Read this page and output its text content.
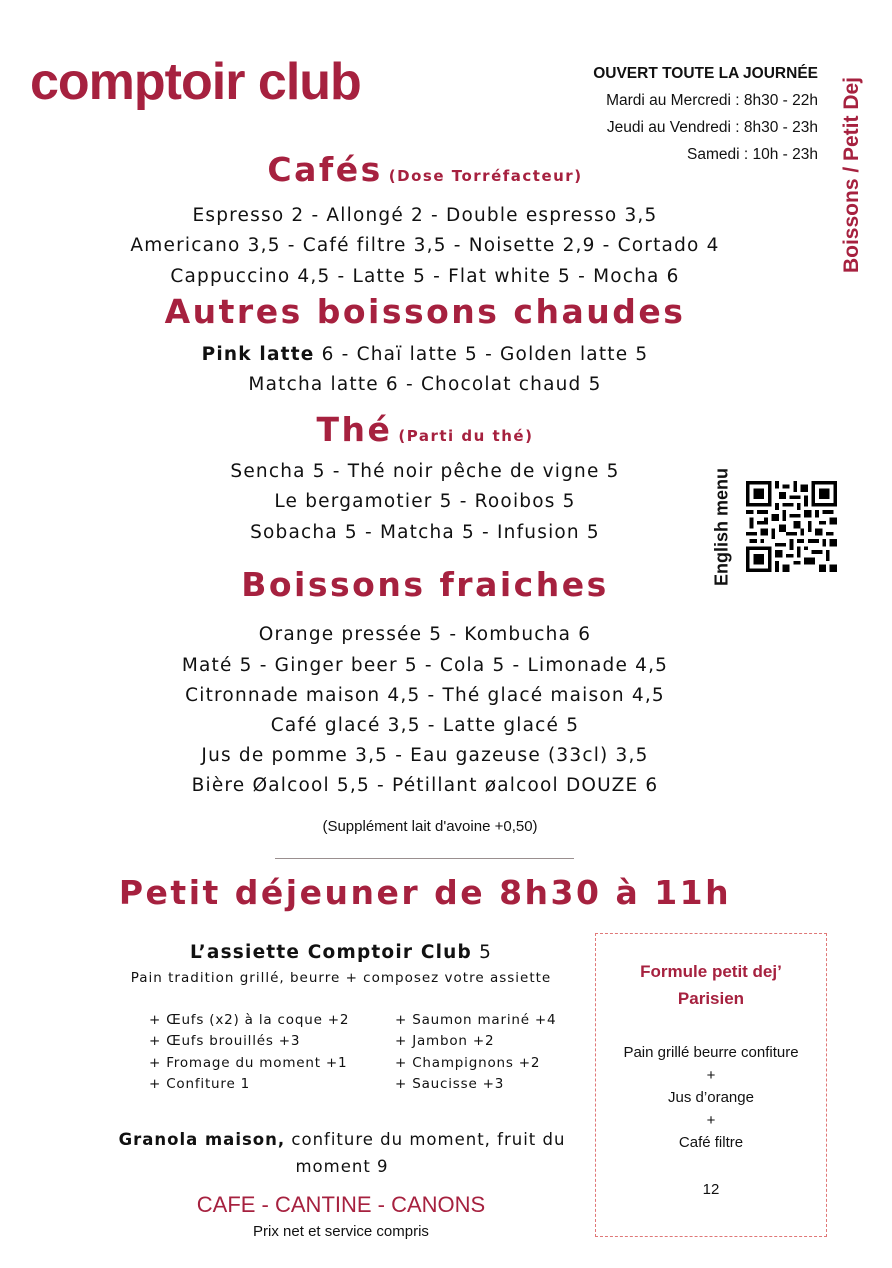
comptoir club	OUVERT TOUTE LA JOURNÉE
Mardi au Mercredi : 8h30 - 22h
Jeudi au Vendredi : 8h30 - 23h
Samedi : 10h - 23h Boissons / Petit Dej
Cafés (Dose Torréfacteur)
Espresso 2 - Allongé 2 - Double espresso 3,5
Americano 3,5 - Café filtre 3,5 - Noisette 2,9 - Cortado 4
Cappuccino 4,5 - Latte 5 - Flat white 5 - Mocha 6
Autres boissons chaudes
Pink latte 6 - Chaï latte 5 - Golden latte 5
Matcha latte 6 - Chocolat chaud 5
Thé (Parti du thé)
Sencha 5 - Thé noir pêche de vigne 5
Le bergamotier 5 - Rooibos 5
Sobacha 5 - Matcha 5 - Infusion 5	English menu
Boissons fraiches
Orange pressée 5 - Kombucha 6
Maté 5 - Ginger beer 5 - Cola 5 - Limonade 4,5
Citronnade maison 4,5 - Thé glacé maison 4,5
Café glacé 3,5 - Latte glacé 5
Jus de pomme 3,5 - Eau gazeuse (33cl) 3,5
Bière Øalcool 5,5 - Pétillant øalcool DOUZE 6
(Supplément lait d'avoine +0,50)
Petit déjeuner de 8h30 à 11h
L’assiette Comptoir Club 5
Pain tradition grillé, beurre + composez votre assiette
+ Œufs (x2) à la coque +2
+ Œufs brouillés +3
+ Fromage du moment +1
+ Confiture 1
+ Saumon mariné +4
+ Jambon +2
+ Champignons +2
+ Saucisse +3
Granola maison, confiture du moment, fruit du moment 9
Formule petit dej’
Parisien
Pain grillé beurre confiture
+
Jus d’orange
+
Café filtre
12
CAFE - CANTINE - CANONS
Prix net et service compris
